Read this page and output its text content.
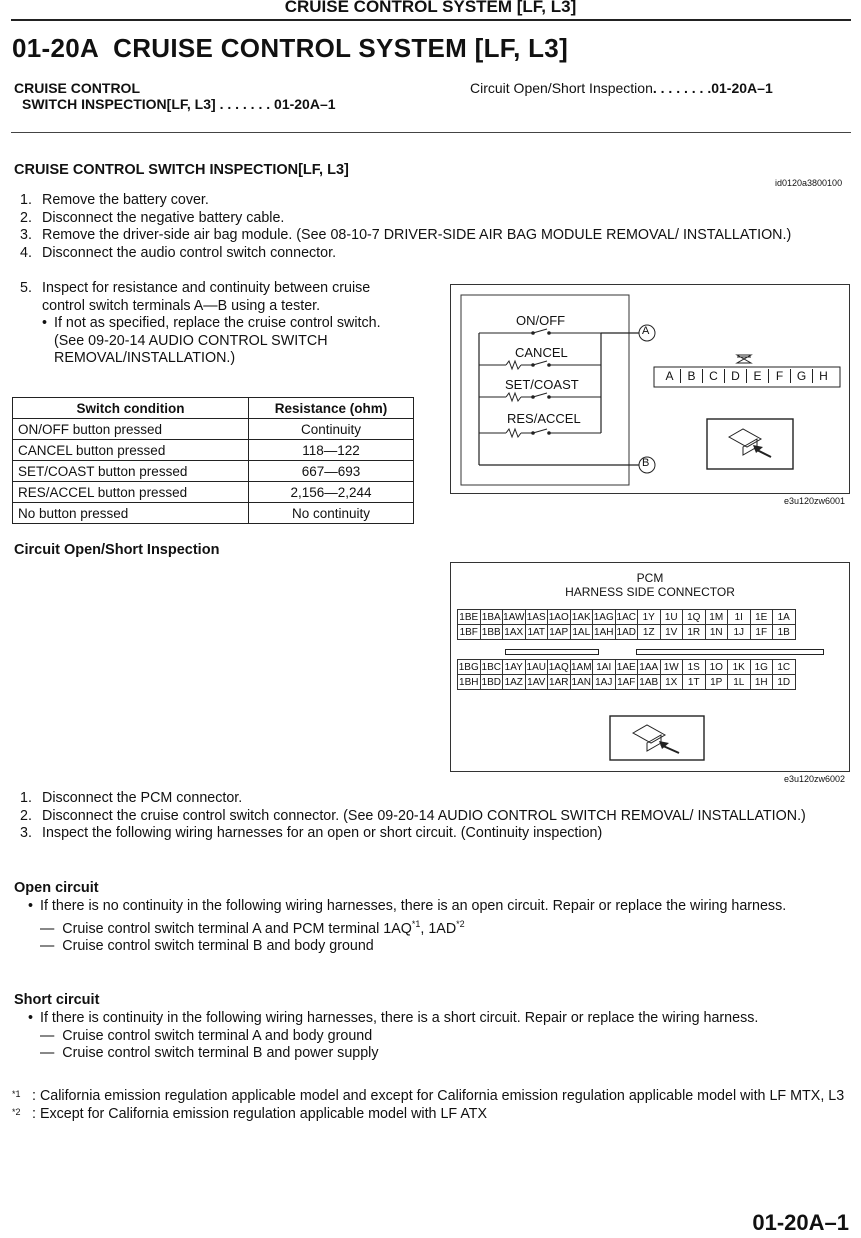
CRUISE CONTROL SYSTEM [LF, L3]
01-20A  CRUISE CONTROL SYSTEM [LF, L3]
CRUISE CONTROL
SWITCH INSPECTION[LF, L3] . . . . . . . 01-20A–1
Circuit Open/Short Inspection. . . . . . . .01-20A–1
CRUISE CONTROL SWITCH INSPECTION[LF, L3]
id0120a3800100
1. Remove the battery cover.
2. Disconnect the negative battery cable.
3. Remove the driver-side air bag module. (See 08-10-7 DRIVER-SIDE AIR BAG MODULE REMOVAL/ INSTALLATION.)
4. Disconnect the audio control switch connector.
5. Inspect for resistance and continuity between cruise control switch terminals A—B using a tester.
• If not as specified, replace the cruise control switch. (See 09-20-14 AUDIO CONTROL SWITCH REMOVAL/INSTALLATION.)
Switch condition	Resistance (ohm)
ON/OFF button pressed	Continuity
CANCEL button pressed	118—122
SET/COAST button pressed	667—693
RES/ACCEL button pressed	2,156—2,244
No button pressed	No continuity
ON/OFF
CANCEL
SET/COAST
RES/ACCEL
A
B
A	B	C	D	E	F	G	H
e3u120zw6001
Circuit Open/Short Inspection
PCM
HARNESS SIDE CONNECTOR
1BE	1BA	1AW	1AS	1AO	1AK	1AG	1AC	1Y	1U	1Q	1M	1I	1E	1A
1BF	1BB	1AX	1AT	1AP	1AL	1AH	1AD	1Z	1V	1R	1N	1J	1F	1B
1BG	1BC	1AY	1AU	1AQ	1AM	1AI	1AE	1AA	1W	1S	1O	1K	1G	1C
1BH	1BD	1AZ	1AV	1AR	1AN	1AJ	1AF	1AB	1X	1T	1P	1L	1H	1D
e3u120zw6002
1. Disconnect the PCM connector.
2. Disconnect the cruise control switch connector. (See 09-20-14 AUDIO CONTROL SWITCH REMOVAL/ INSTALLATION.)
3. Inspect the following wiring harnesses for an open or short circuit. (Continuity inspection)
Open circuit
• If there is no continuity in the following wiring harnesses, there is an open circuit. Repair or replace the wiring harness.
—  Cruise control switch terminal A and PCM terminal 1AQ$^{*1}$, 1AD$^{*2}$
—  Cruise control switch terminal B and body ground
Short circuit
• If there is continuity in the following wiring harnesses, there is a short circuit. Repair or replace the wiring harness.
—  Cruise control switch terminal A and body ground
—  Cruise control switch terminal B and power supply
*1 : California emission regulation applicable model and except for California emission regulation applicable model with LF MTX, L3
*2 : Except for California emission regulation applicable model with LF ATX
01-20A–1
